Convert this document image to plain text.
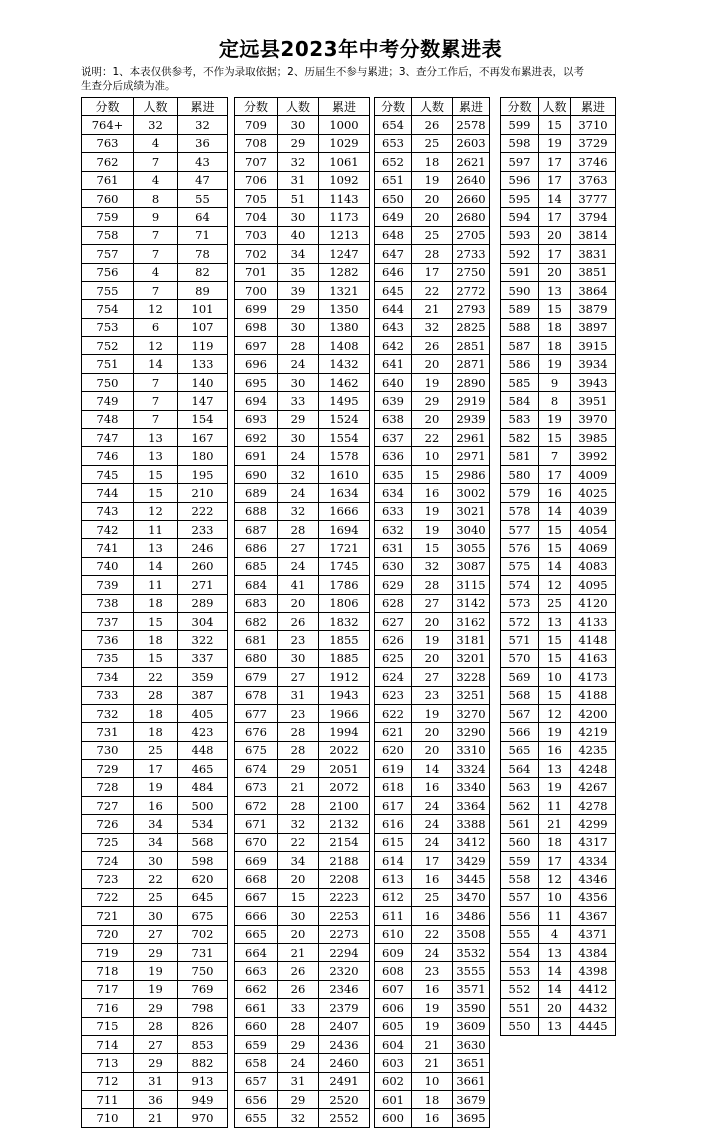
定远县2023年中考分数累进表
说明：1、本表仅供参考，不作为录取依据；2、历届生不参与累进；3、查分工作后，不再发布累进表，以考
生查分后成绩为准。
分数	人数	累进
764+	32	32
763	4	36
762	7	43
761	4	47
760	8	55
759	9	64
758	7	71
757	7	78
756	4	82
755	7	89
754	12	101
753	6	107
752	12	119
751	14	133
750	7	140
749	7	147
748	7	154
747	13	167
746	13	180
745	15	195
744	15	210
743	12	222
742	11	233
741	13	246
740	14	260
739	11	271
738	18	289
737	15	304
736	18	322
735	15	337
734	22	359
733	28	387
732	18	405
731	18	423
730	25	448
729	17	465
728	19	484
727	16	500
726	34	534
725	34	568
724	30	598
723	22	620
722	25	645
721	30	675
720	27	702
719	29	731
718	19	750
717	19	769
716	29	798
715	28	826
714	27	853
713	29	882
712	31	913
711	36	949
710	21	970
分数	人数	累进
709	30	1000
708	29	1029
707	32	1061
706	31	1092
705	51	1143
704	30	1173
703	40	1213
702	34	1247
701	35	1282
700	39	1321
699	29	1350
698	30	1380
697	28	1408
696	24	1432
695	30	1462
694	33	1495
693	29	1524
692	30	1554
691	24	1578
690	32	1610
689	24	1634
688	32	1666
687	28	1694
686	27	1721
685	24	1745
684	41	1786
683	20	1806
682	26	1832
681	23	1855
680	30	1885
679	27	1912
678	31	1943
677	23	1966
676	28	1994
675	28	2022
674	29	2051
673	21	2072
672	28	2100
671	32	2132
670	22	2154
669	34	2188
668	20	2208
667	15	2223
666	30	2253
665	20	2273
664	21	2294
663	26	2320
662	26	2346
661	33	2379
660	28	2407
659	29	2436
658	24	2460
657	31	2491
656	29	2520
655	32	2552
分数	人数	累进
654	26	2578
653	25	2603
652	18	2621
651	19	2640
650	20	2660
649	20	2680
648	25	2705
647	28	2733
646	17	2750
645	22	2772
644	21	2793
643	32	2825
642	26	2851
641	20	2871
640	19	2890
639	29	2919
638	20	2939
637	22	2961
636	10	2971
635	15	2986
634	16	3002
633	19	3021
632	19	3040
631	15	3055
630	32	3087
629	28	3115
628	27	3142
627	20	3162
626	19	3181
625	20	3201
624	27	3228
623	23	3251
622	19	3270
621	20	3290
620	20	3310
619	14	3324
618	16	3340
617	24	3364
616	24	3388
615	24	3412
614	17	3429
613	16	3445
612	25	3470
611	16	3486
610	22	3508
609	24	3532
608	23	3555
607	16	3571
606	19	3590
605	19	3609
604	21	3630
603	21	3651
602	10	3661
601	18	3679
600	16	3695
分数	人数	累进
599	15	3710
598	19	3729
597	17	3746
596	17	3763
595	14	3777
594	17	3794
593	20	3814
592	17	3831
591	20	3851
590	13	3864
589	15	3879
588	18	3897
587	18	3915
586	19	3934
585	9	3943
584	8	3951
583	19	3970
582	15	3985
581	7	3992
580	17	4009
579	16	4025
578	14	4039
577	15	4054
576	15	4069
575	14	4083
574	12	4095
573	25	4120
572	13	4133
571	15	4148
570	15	4163
569	10	4173
568	15	4188
567	12	4200
566	19	4219
565	16	4235
564	13	4248
563	19	4267
562	11	4278
561	21	4299
560	18	4317
559	17	4334
558	12	4346
557	10	4356
556	11	4367
555	4	4371
554	13	4384
553	14	4398
552	14	4412
551	20	4432
550	13	4445
